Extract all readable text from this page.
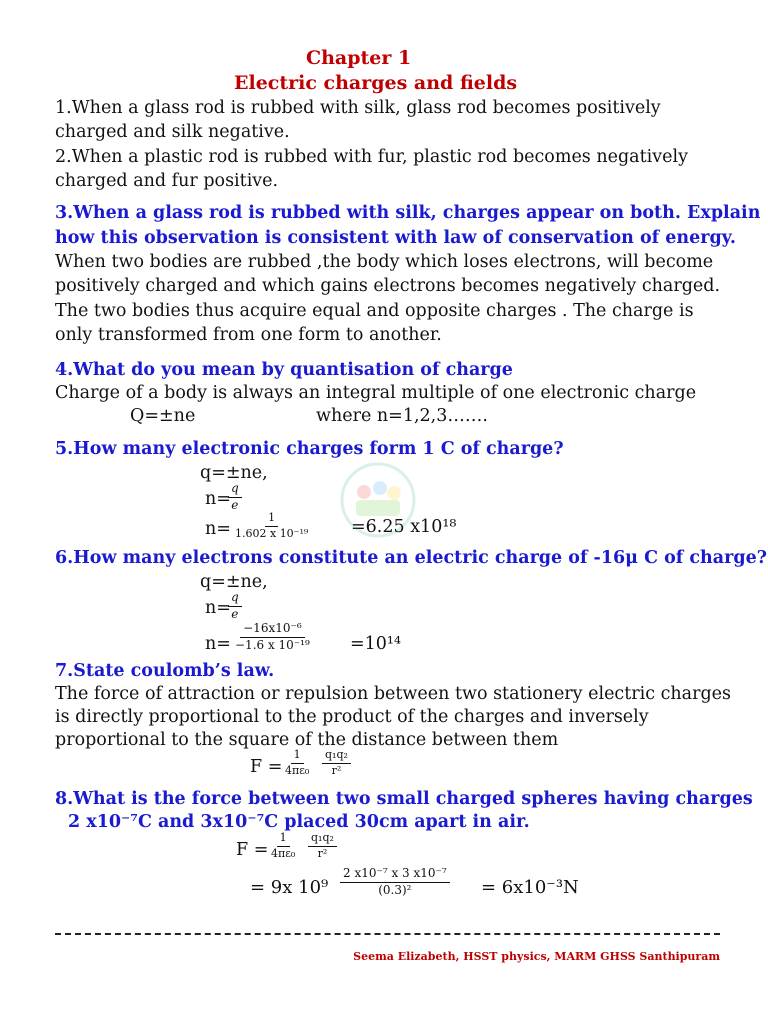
Chapter 1
Electric charges and fields
1.When a glass rod is rubbed with silk, glass rod becomes positively
charged and silk negative.
2.When a plastic rod is rubbed with fur, plastic rod becomes negatively
charged and fur positive.
3.When a glass rod is rubbed with silk, charges appear on both. Explain
how this observation is consistent with law of conservation of energy.
When two bodies are rubbed ,the body which loses electrons, will become
positively charged and which gains electrons becomes negatively charged.
The two bodies thus acquire equal and opposite charges . The charge is
only transformed from one form to another.
4.What do you mean by quantisation of charge
Charge of a body is always an integral multiple of one electronic charge
Q=±ne	where n=1,2,3…….
5.How many electronic charges form 1 C of charge?
q=±ne,
n=
$\frac{q}{e}$
$n= \frac{1}{\text{1.602 x 10⁻¹⁹}} =6.25$ x10¹⁸
6.How many electrons constitute an electric charge of -16μ C of charge?
q=±ne,
n=
$\frac{q}{e}$
$n= \frac{\text{−16x10⁻⁶}}{\text{−1.6 x 10⁻¹⁹}} =10^{14}$
7.State coulomb’s law.
The force of attraction or repulsion between two stationery electric charges
is directly proportional to the product of the charges and inversely
proportional to the square of the distance between them
$F = \frac{1}{\text{4πε₀}} \frac{\text{q₁q₂}}{\text{r²}}$
8.What is the force between two small charged spheres having charges
2 x10⁻⁷C and 3x10⁻⁷C placed 30cm apart in air.
$F = \frac{1}{\text{4πε₀}} \frac{\text{q₁q₂}}{\text{r²}}$
= 9x $10^9 \frac{\text{2 x10⁻⁷ x 3 x10⁻⁷}}{\text{(0.3)²}} = 6x10^{-3}N$
Seema Elizabeth, HSST physics, MARM GHSS Santhipuram
